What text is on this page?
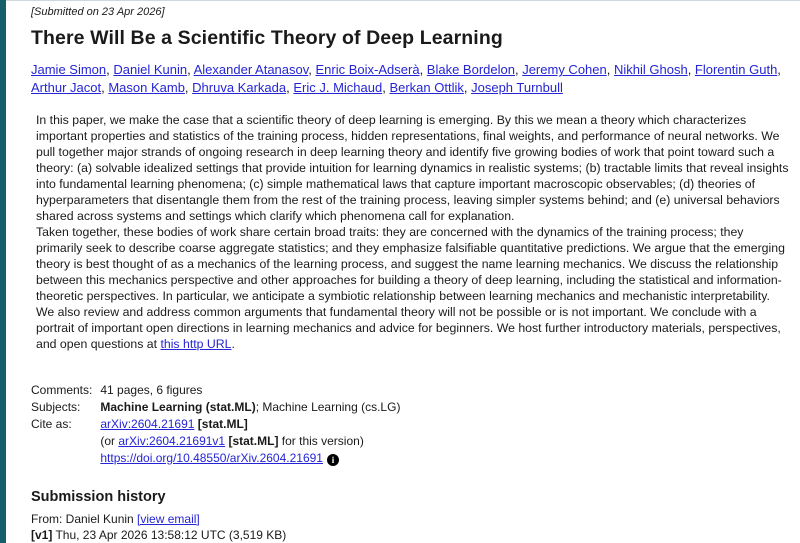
[Submitted on 23 Apr 2026]

There Will Be a Scientific Theory of Deep Learning
Jamie Simon, Daniel Kunin, Alexander Atanasov, Enric Boix-Adserà, Blake Bordelon, Jeremy Cohen, Nikhil Ghosh, Florentin Guth, Arthur Jacot, Mason Kamb, Dhruva Karkada, Eric J. Michaud, Berkan Ottlik, Joseph Turnbull

In this paper, we make the case that a scientific theory of deep learning is emerging. By this we mean a theory which characterizes important properties and statistics of the training process, hidden representations, final weights, and performance of neural networks. We pull together major strands of ongoing research in deep learning theory and identify five growing bodies of work that point toward such a theory: (a) solvable idealized settings that provide intuition for learning dynamics in realistic systems; (b) tractable limits that reveal insights into fundamental learning phenomena; (c) simple mathematical laws that capture important macroscopic observables; (d) theories of hyperparameters that disentangle them from the rest of the training process, leaving simpler systems behind; and (e) universal behaviors shared across systems and settings which clarify which phenomena call for explanation.

Taken together, these bodies of work share certain broad traits: they are concerned with the dynamics of the training process; they primarily seek to describe coarse aggregate statistics; and they emphasize falsifiable quantitative predictions. We argue that the emerging theory is best thought of as a mechanics of the learning process, and suggest the name learning mechanics. We discuss the relationship between this mechanics perspective and other approaches for building a theory of deep learning, including the statistical and information-theoretic perspectives. In particular, we anticipate a symbiotic relationship between learning mechanics and mechanistic interpretability.

We also review and address common arguments that fundamental theory will not be possible or is not important. We conclude with a portrait of important open directions in learning mechanics and advice for beginners. We host further introductory materials, perspectives, and open questions at this http URL.

Comments:	41 pages, 6 figures
Subjects:	Machine Learning (stat.ML); Machine Learning (cs.LG)
Cite as:	arXiv:2604.21691 [stat.ML]
	(or arXiv:2604.21691v1 [stat.ML] for this version)
	https://doi.org/10.48550/arXiv.2604.21691 i
Submission history

From: Daniel Kunin [view email]

[v1] Thu, 23 Apr 2026 13:58:12 UTC (3,519 KB)
